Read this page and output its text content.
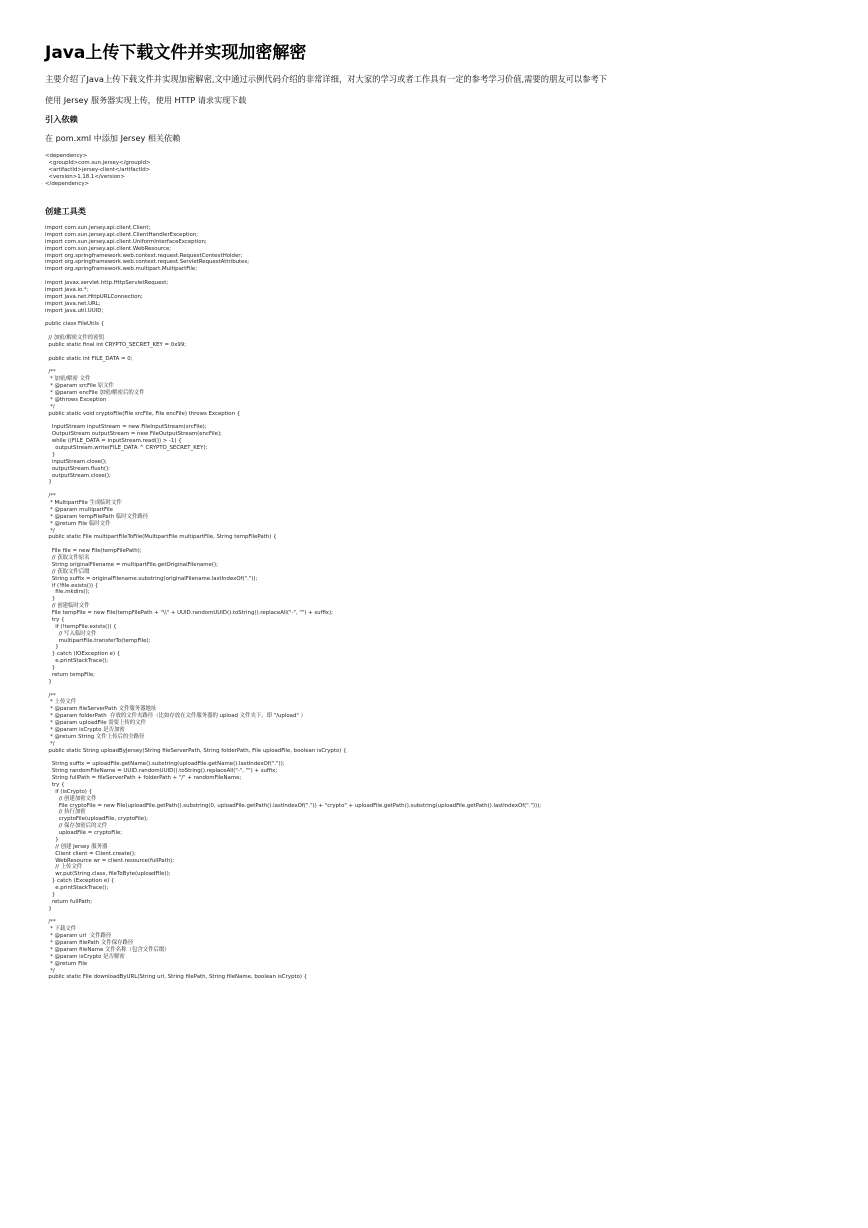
Java上传下载文件并实现加密解密
主要介绍了Java上传下载文件并实现加密解密,文中通过示例代码介绍的非常详细，对大家的学习或者工作具有一定的参考学习价值,需要的朋友可以参考下
使用 Jersey 服务器实现上传，使用 HTTP 请求实现下载
引入依赖
在 pom.xml 中添加 Jersey 相关依赖
<dependency>
<groupId>com.sun.jersey</groupId>
<artifactId>jersey-client</artifactId>
<version>1.18.1</version>
</dependency>
创建工具类
import com.sun.jersey.api.client.Client;
import com.sun.jersey.api.client.ClientHandlerException;
import com.sun.jersey.api.client.UniformInterfaceException;
import com.sun.jersey.api.client.WebResource;
import org.springframework.web.context.request.RequestContextHolder;
import org.springframework.web.context.request.ServletRequestAttributes;
import org.springframework.web.multipart.MultipartFile;

import javax.servlet.http.HttpServletRequest;
import java.io.*;
import java.net.HttpURLConnection;
import java.net.URL;
import java.util.UUID;

public class FileUtils {

// 加密/解密文件的密钥
public static final int CRYPTO_SECRET_KEY = 0x99;

public static int FILE_DATA = 0;

/**
* 加密/解密 文件
* @param srcFile 原文件
* @param encFile 加密/解密后的文件
* @throws Exception
*/
public static void cryptoFile(File srcFile, File encFile) throws Exception {

InputStream inputStream = new FileInputStream(srcFile);
OutputStream outputStream = new FileOutputStream(encFile);
while ((FILE_DATA = inputStream.read()) > -1) {
outputStream.write(FILE_DATA ^ CRYPTO_SECRET_KEY);
}
inputStream.close();
outputStream.flush();
outputStream.close();
}

/**
* MultipartFile 生成临时文件
* @param multipartFile
* @param tempFilePath 临时文件路径
* @return File 临时文件
*/
public static File multipartFileToFile(MultipartFile multipartFile, String tempFilePath) {

File file = new File(tempFilePath);
// 获取文件原名
String originalFilename = multipartFile.getOriginalFilename();
// 获取文件后缀
String suffix = originalFilename.substring(originalFilename.lastIndexOf("."));
if (!file.exists()) {
file.mkdirs();
}
// 创建临时文件
File tempFile = new File(tempFilePath + "\\" + UUID.randomUUID().toString().replaceAll("-", "") + suffix);
try {
if (!tempFile.exists()) {
// 写入临时文件
multipartFile.transferTo(tempFile);
}
} catch (IOException e) {
e.printStackTrace();
}
return tempFile;
}

/**
* 上传文件
* @param fileServerPath 文件服务器地址
* @param folderPath  存放的文件夹路径（比如存放在文件服务器的 upload 文件夹下，即 "/upload" ）
* @param uploadFile 需要上传的文件
* @param isCrypto 是否加密
* @return String 文件上传后的全路径
*/
public static String uploadByJersey(String fileServerPath, String folderPath, File uploadFile, boolean isCrypto) {

String suffix = uploadFile.getName().substring(uploadFile.getName().lastIndexOf("."));
String randomFileName = UUID.randomUUID().toString().replaceAll("-", "") + suffix;
String fullPath = fileServerPath + folderPath + "/" + randomFileName;
try {
if (isCrypto) {
// 创建加密文件
File cryptoFile = new File(uploadFile.getPath().substring(0, uploadFile.getPath().lastIndexOf(".")) + "crypto" + uploadFile.getPath().substring(uploadFile.getPath().lastIndexOf(".")));
// 执行加密
cryptoFile(uploadFile, cryptoFile);
// 保存加密后的文件
uploadFile = cryptoFile;
}
// 创建 Jersey 服务器
Client client = Client.create();
WebResource wr = client.resource(fullPath);
// 上传文件
wr.put(String.class, fileToByte(uploadFile));
} catch (Exception e) {
e.printStackTrace();
}
return fullPath;
}

/**
* 下载文件
* @param url  文件路径
* @param filePath 文件保存路径
* @param fileName 文件名称（包含文件后缀）
* @param isCrypto 是否解密
* @return File
*/
public static File downloadByURL(String url, String filePath, String fileName, boolean isCrypto) {
